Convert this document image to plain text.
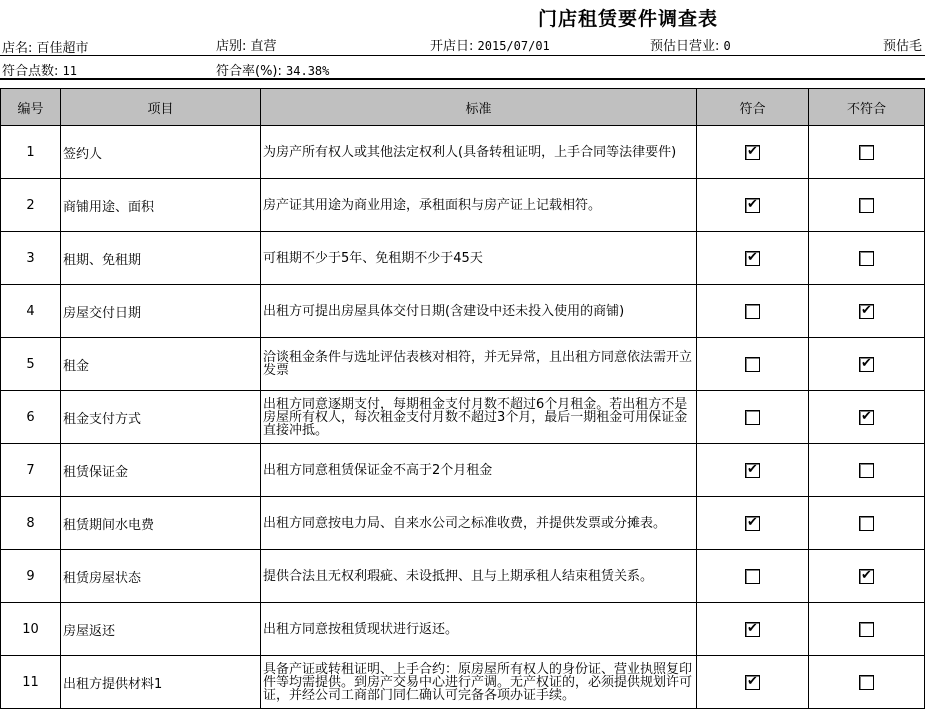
门店租赁要件调查表
店名: 百佳超市	店别: 直营	开店日: 2015/07/01	预估日营业: 0	预估毛
符合点数: 11	符合率(%): 34.38%
编号	项目	标准	符合	不符合	
1	签约人	为房产所有权人或其他法定权利人(具备转租证明，上手合同等法律要件)	✔		
2	商铺用途、面积	房产证其用途为商业用途，承租面积与房产证上记载相符。	✔		
3	租期、免租期	可租期不少于5年、免租期不少于45天	✔		
4	房屋交付日期	出租方可提出房屋具体交付日期(含建设中还未投入使用的商铺)		✔	
5	租金	洽谈租金条件与选址评估表核对相符，并无异常，且出租方同意依法需开立发票		✔	
6	租金支付方式	出租方同意逐期支付，每期租金支付月数不超过6个月租金。若出租方不是房屋所有权人，每次租金支付月数不超过3个月，最后一期租金可用保证金直接冲抵。		✔	
7	租赁保证金	出租方同意租赁保证金不高于2个月租金	✔		
8	租赁期间水电费	出租方同意按电力局、自来水公司之标准收费，并提供发票或分摊表。	✔		
9	租赁房屋状态	提供合法且无权利瑕疵、未设抵押、且与上期承租人结束租赁关系。		✔	
10	房屋返还	出租方同意按租赁现状进行返还。	✔		
11	出租方提供材料1	具备产证或转租证明、上手合约：原房屋所有权人的身份证、营业执照复印件等均需提供。到房产交易中心进行产调。无产权证的，必须提供规划许可证，并经公司工商部门同仁确认可完备各项办证手续。	✔		
